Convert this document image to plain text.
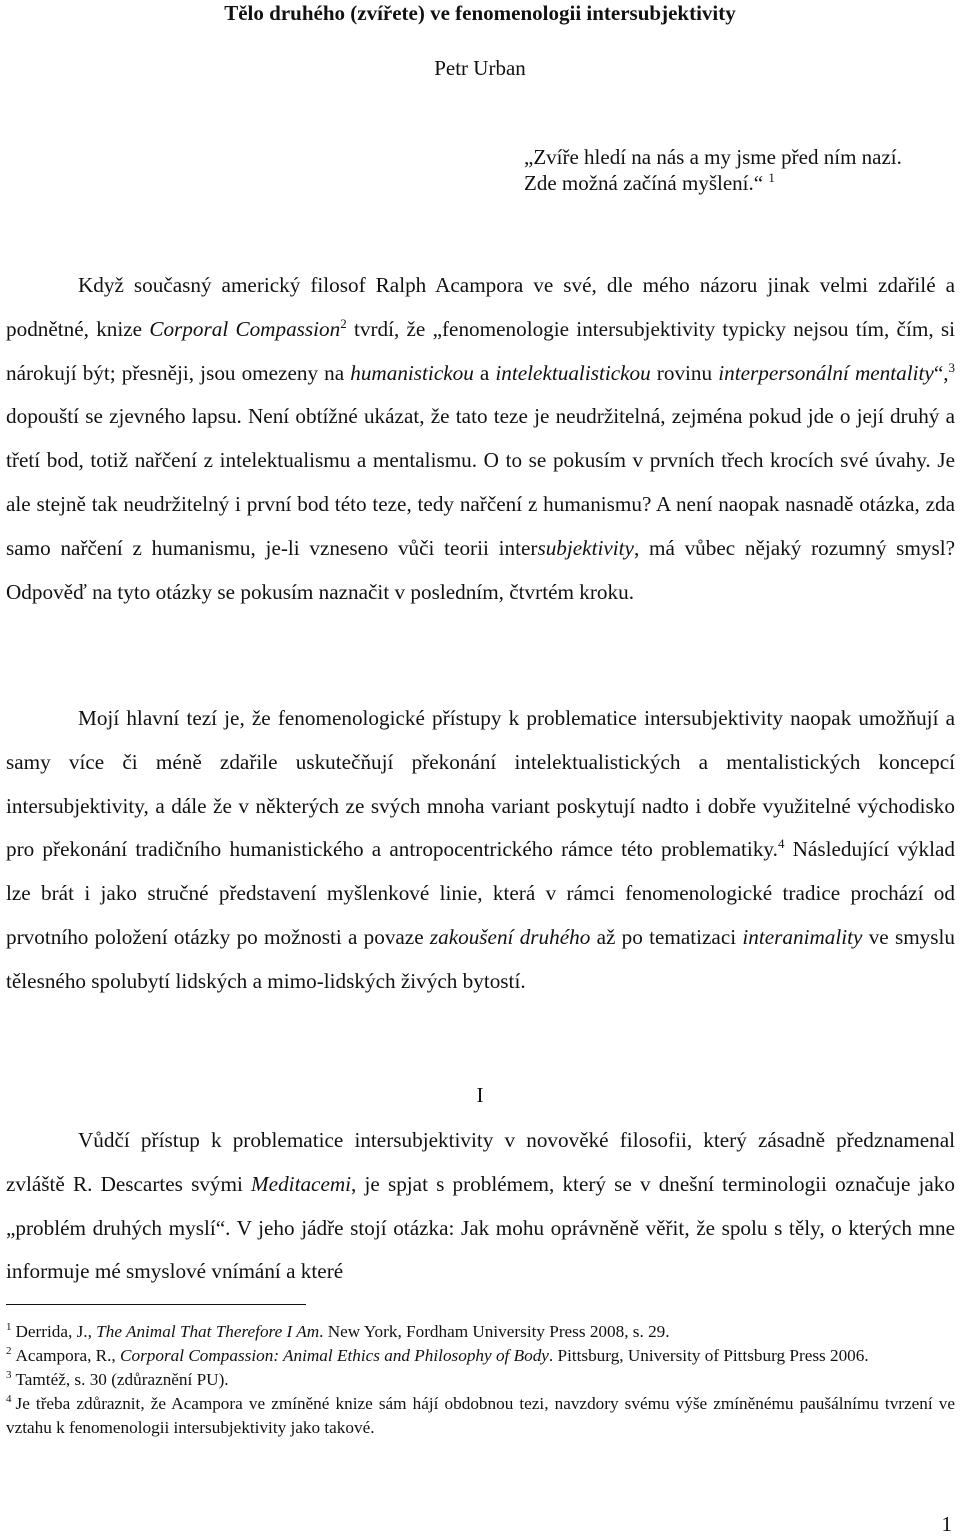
Tělo druhého (zvířete) ve fenomenologii intersubjektivity
Petr Urban
„Zvíře hledí na nás a my jsme před ním nazí.
Zde možná začíná myšlení.“ $^1$

Když současný americký filosof Ralph Acampora ve své, dle mého názoru jinak velmi zdařilé a podnětné, knize Corporal Compassion$^2$ tvrdí, že „fenomenologie intersubjektivity typicky nejsou tím, čím, si nárokují být; přesněji, jsou omezeny na humanistickou a intelektualistickou rovinu interpersonální mentality“,$^3$ dopouští se zjevného lapsu. Není obtížné ukázat, že tato teze je neudržitelná, zejména pokud jde o její druhý a třetí bod, totiž nařčení z intelektualismu a mentalismu. O to se pokusím v prvních třech krocích své úvahy. Je ale stejně tak neudržitelný i první bod této teze, tedy nařčení z humanismu? A není naopak nasnadě otázka, zda samo nařčení z humanismu, je-li vzneseno vůči teorii intersubjektivity, má vůbec nějaký rozumný smysl? Odpověď na tyto otázky se pokusím naznačit v posledním, čtvrtém kroku.

Mojí hlavní tezí je, že fenomenologické přístupy k problematice intersubjektivity naopak umožňují a samy více či méně zdařile uskutečňují překonání intelektualistických a mentalistických koncepcí intersubjektivity, a dále že v některých ze svých mnoha variant poskytují nadto i dobře využitelné východisko pro překonání tradičního humanistického a antropocentrického rámce této problematiky.$^4$ Následující výklad lze brát i jako stručné představení myšlenkové linie, která v rámci fenomenologické tradice prochází od prvotního položení otázky po možnosti a povaze zakoušení druhého až po tematizaci interanimality ve smyslu tělesného spolubytí lidských a mimo-lidských živých bytostí.

I

Vůdčí přístup k problematice intersubjektivity v novověké filosofii, který zásadně předznamenal zvláště R. Descartes svými Meditacemi, je spjat s problémem, který se v dnešní terminologii označuje jako „problém druhých myslí“. V jeho jádře stojí otázka: Jak mohu oprávněně věřit, že spolu s těly, o kterých mne informuje mé smyslové vnímání a které

$^1$ Derrida, J., The Animal That Therefore I Am. New York, Fordham University Press 2008, s. 29.

$^2$ Acampora, R., Corporal Compassion: Animal Ethics and Philosophy of Body. Pittsburg, University of Pittsburg Press 2006.

$^3$ Tamtéž, s. 30 (zdůraznění PU).

$^4$ Je třeba zdůraznit, že Acampora ve zmíněné knize sám hájí obdobnou tezi, navzdory svému výše zmíněnému paušálnímu tvrzení ve vztahu k fenomenologii intersubjektivity jako takové.

1
